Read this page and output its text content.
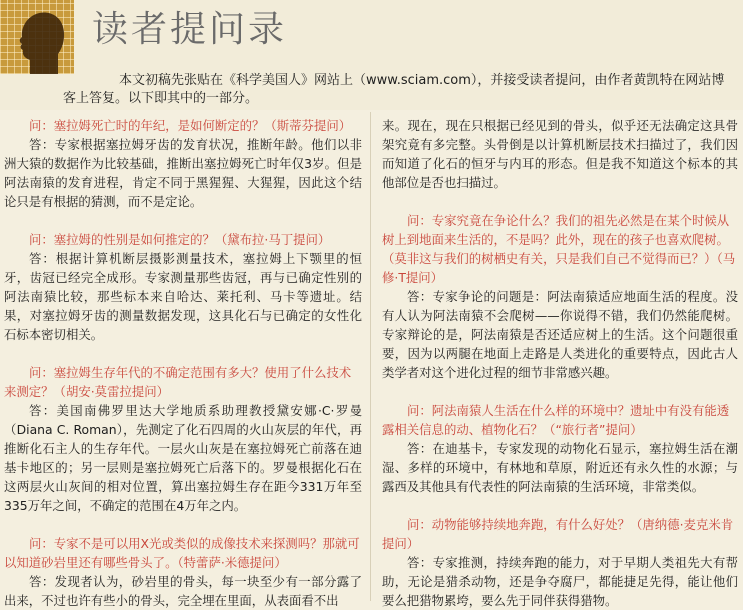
读者提问录

本文初稿先张贴在《科学美国人》网站上（www.sciam.com），并接受读者提问，由作者黄凯特在网站博客上答复。以下即其中的一部分。

问：塞拉姆死亡时的年纪，是如何断定的？（斯蒂芬提问）

答：专家根据塞拉姆牙齿的发育状况，推断年龄。他们以非洲大猿的数据作为比较基础，推断出塞拉姆死亡时年仅3岁。但是阿法南猿的发育进程，肯定不同于黑猩猩、大猩猩，因此这个结论只是有根据的猜测，而不是定论。

问：塞拉姆的性别是如何推定的？（黛布拉·马丁提问）

答：根据计算机断层摄影测量技术，塞拉姆上下颚里的恒牙，齿冠已经完全成形。专家测量那些齿冠，再与已确定性别的阿法南猿比较，那些标本来自哈达、莱托利、马卡等遗址。结果，对塞拉姆牙齿的测量数据发现，这具化石与已确定的女性化石标本密切相关。

问：塞拉姆生存年代的不确定范围有多大？使用了什么技术来测定？（胡安·莫雷拉提问）

答：美国南佛罗里达大学地质系助理教授黛安娜·C·罗曼（Diana C. Roman），先测定了化石四周的火山灰层的年代，再推断化石主人的生存年代。一层火山灰是在塞拉姆死亡前落在迪基卡地区的；另一层则是塞拉姆死亡后落下的。罗曼根据化石在这两层火山灰间的相对位置，算出塞拉姆生存在距今331万年至335万年之间，不确定的范围在4万年之内。

问：专家不是可以用X光或类似的成像技术来探测吗？那就可以知道砂岩里还有哪些骨头了。（特蕾萨·米德提问）

答：发现者认为，砂岩里的骨头，每一块至少有一部分露了出来，不过也许有些小的骨头，完全埋在里面，从表面看不出

来。现在，现在只根据已经见到的骨头，似乎还无法确定这具骨架究竟有多完整。头骨倒是以计算机断层技术扫描过了，我们因而知道了化石的恒牙与内耳的形态。但是我不知道这个标本的其他部位是否也扫描过。

问：专家究竟在争论什么？我们的祖先必然是在某个时候从树上到地面来生活的，不是吗？此外，现在的孩子也喜欢爬树。（莫非这与我们的树栖史有关，只是我们自己不觉得而已？）（马修·T提问）

答：专家争论的问题是：阿法南猿适应地面生活的程度。没有人认为阿法南猿不会爬树——你说得不错，我们仍然能爬树。专家辩论的是，阿法南猿是否还适应树上的生活。这个问题很重要，因为以两腿在地面上走路是人类进化的重要特点，因此古人类学者对这个进化过程的细节非常感兴趣。

问：阿法南猿人生活在什么样的环境中？遗址中有没有能透露相关信息的动、植物化石？（“旅行者”提问）

答：在迪基卡，专家发现的动物化石显示，塞拉姆生活在潮湿、多样的环境中，有林地和草原，附近还有永久性的水源；与露西及其他具有代表性的阿法南猿的生活环境，非常类似。

问：动物能够持续地奔跑，有什么好处？（唐纳德·麦克米肯提问）

答：专家推测，持续奔跑的能力，对于早期人类祖先大有帮助，无论是猎杀动物，还是争夺腐尸，都能捷足先得，能让他们要么把猎物累垮，要么先于同伴获得猎物。
